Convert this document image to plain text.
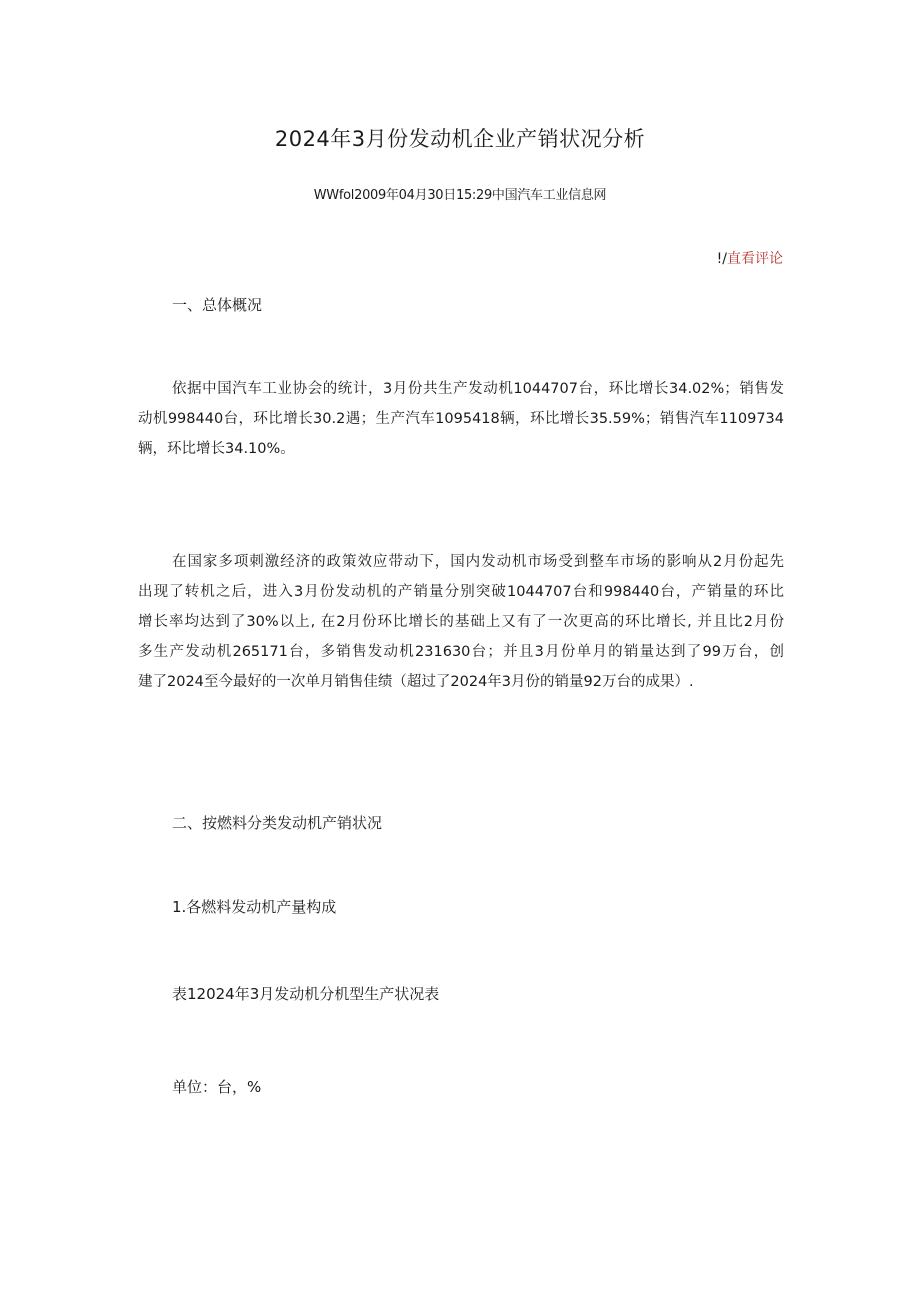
2024年3月份发动机企业产销状况分析
WWfol2009年04月30日15:29中国汽车工业信息网
!/直看评论
一、总体概况
依据中国汽车工业协会的统计，3月份共生产发动机1044707台，环比增长34.02%；销售发
动机998440台，环比增长30.2遇；生产汽车1095418辆，环比增长35.59%；销售汽车1109734
辆，环比增长34.10%。
在国家多项刺激经济的政策效应带动下，国内发动机市场受到整车市场的影响从2月份起先
出现了转机之后，进入3月份发动机的产销量分别突破1044707台和998440台，产销量的环比
增长率均达到了30%以上, 在2月份环比增长的基础上又有了一次更高的环比增长, 并且比2月份
多生产发动机265171台，多销售发动机231630台；并且3月份单月的销量达到了99万台，创
建了2024至今最好的一次单月销售佳绩（超过了2024年3月份的销量92万台的成果）.
二、按燃料分类发动机产销状况
1.各燃料发动机产量构成
表12024年3月发动机分机型生产状况表
单位：台，%
